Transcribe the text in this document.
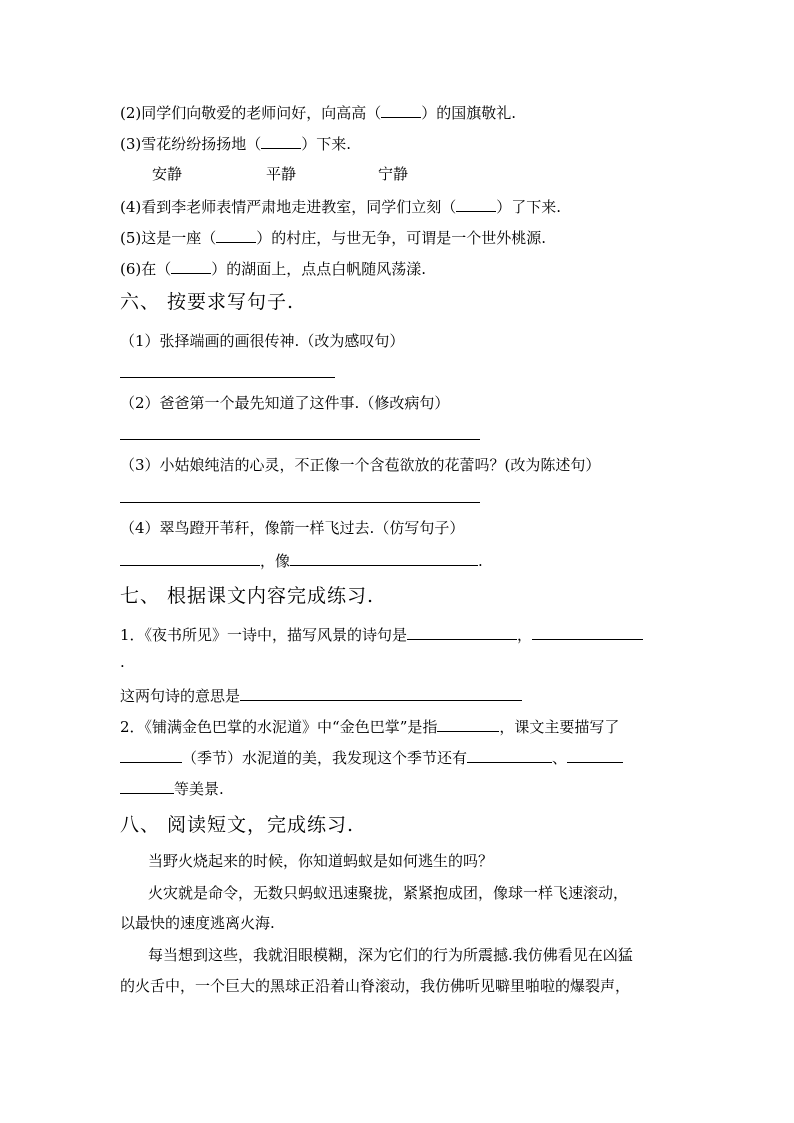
(2)同学们向敬爱的老师问好，向高高（	）的国旗敬礼.
(3)雪花纷纷扬扬地（	）下来.
安静	平静	宁静
(4)看到李老师表情严肃地走进教室，同学们立刻（	）了下来.
(5)这是一座（	）的村庄，与世无争，可谓是一个世外桃源.
(6)在（	）的湖面上，点点白帆随风荡漾.
六、 按要求写句子.
（1）张择端画的画很传神.（改为感叹句）
（2）爸爸第一个最先知道了这件事.（修改病句）
（3）小姑娘纯洁的心灵，不正像一个含苞欲放的花蕾吗？(改为陈述句）
（4）翠鸟蹬开苇秆，像箭一样飞过去.（仿写句子）
，像	.
七、 根据课文内容完成练习.
1．《夜书所见》一诗中，描写风景的诗句是	，
.
这两句诗的意思是
2．《铺满金色巴掌的水泥道》中“金色巴掌”是指	，课文主要描写了
（季节）水泥道的美，我发现这个季节还有	、
等美景.
八、 阅读短文，完成练习.
当野火烧起来的时候，你知道蚂蚁是如何逃生的吗？
火灾就是命令，无数只蚂蚁迅速聚拢，紧紧抱成团，像球一样飞速滚动，
以最快的速度逃离火海.
每当想到这些，我就泪眼模糊，深为它们的行为所震撼.我仿佛看见在凶猛
的火舌中，一个巨大的黑球正沿着山脊滚动，我仿佛听见噼里啪啦的爆裂声，
